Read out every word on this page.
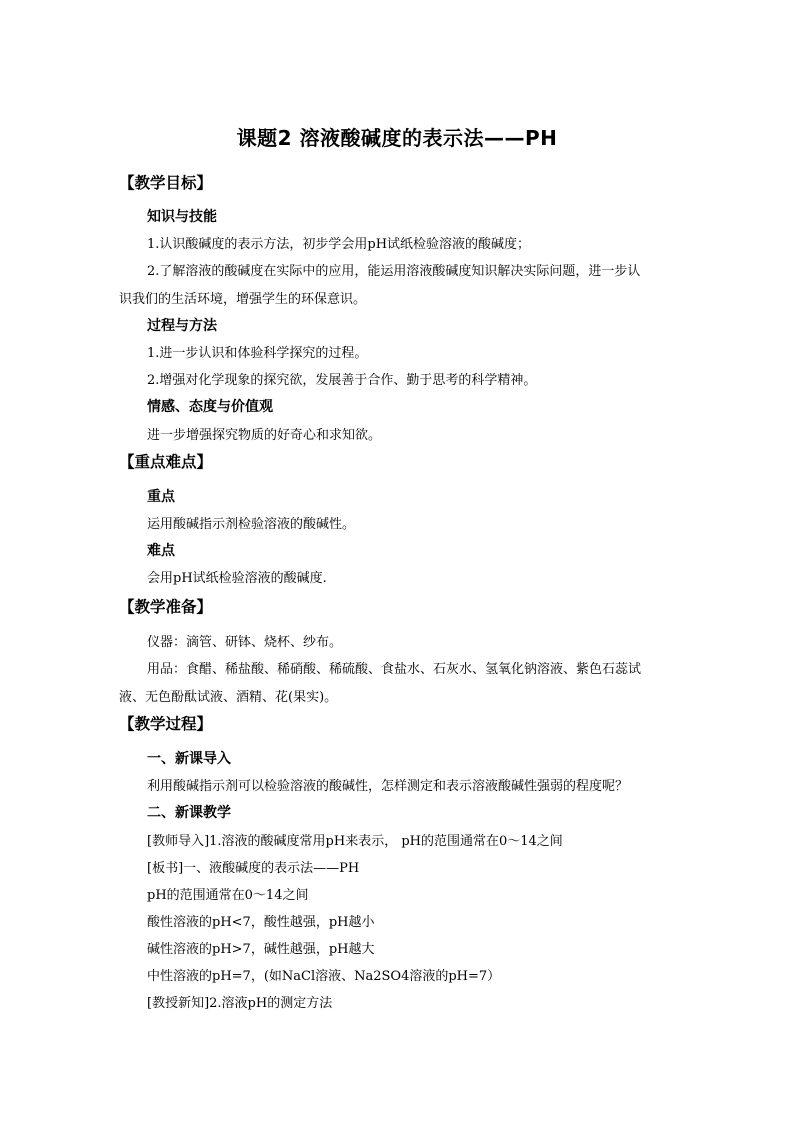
课题2 溶液酸碱度的表示法——PH
【教学目标】
知识与技能
1.认识酸碱度的表示方法，初步学会用pH试纸检验溶液的酸碱度；
2.了解溶液的酸碱度在实际中的应用，能运用溶液酸碱度知识解决实际问题，进一步认
识我们的生活环境，增强学生的环保意识。
过程与方法
1.进一步认识和体验科学探究的过程。
2.增强对化学现象的探究欲，发展善于合作、勤于思考的科学精神。
情感、态度与价值观
进一步增强探究物质的好奇心和求知欲。
【重点难点】
重点
运用酸碱指示剂检验溶液的酸碱性。
难点
会用pH试纸检验溶液的酸碱度.
【教学准备】
仪器：滴管、研钵、烧杯、纱布。
用品：食醋、稀盐酸、稀硝酸、稀硫酸、食盐水、石灰水、氢氧化钠溶液、紫色石蕊试
液、无色酚酞试液、酒精、花(果实)。
【教学过程】
一、新课导入
利用酸碱指示剂可以检验溶液的酸碱性，怎样测定和表示溶液酸碱性强弱的程度呢？
二、新课教学
[教师导入]1.溶液的酸碱度常用pH来表示， pH的范围通常在0～14之间
[板书]一、液酸碱度的表示法——PH
pH的范围通常在0～14之间
酸性溶液的pH<7，酸性越强，pH越小
碱性溶液的pH>7，碱性越强，pH越大
中性溶液的pH=7，(如NaCl溶液、Na2SO4溶液的pH=7）
[教授新知]2.溶液pH的测定方法
